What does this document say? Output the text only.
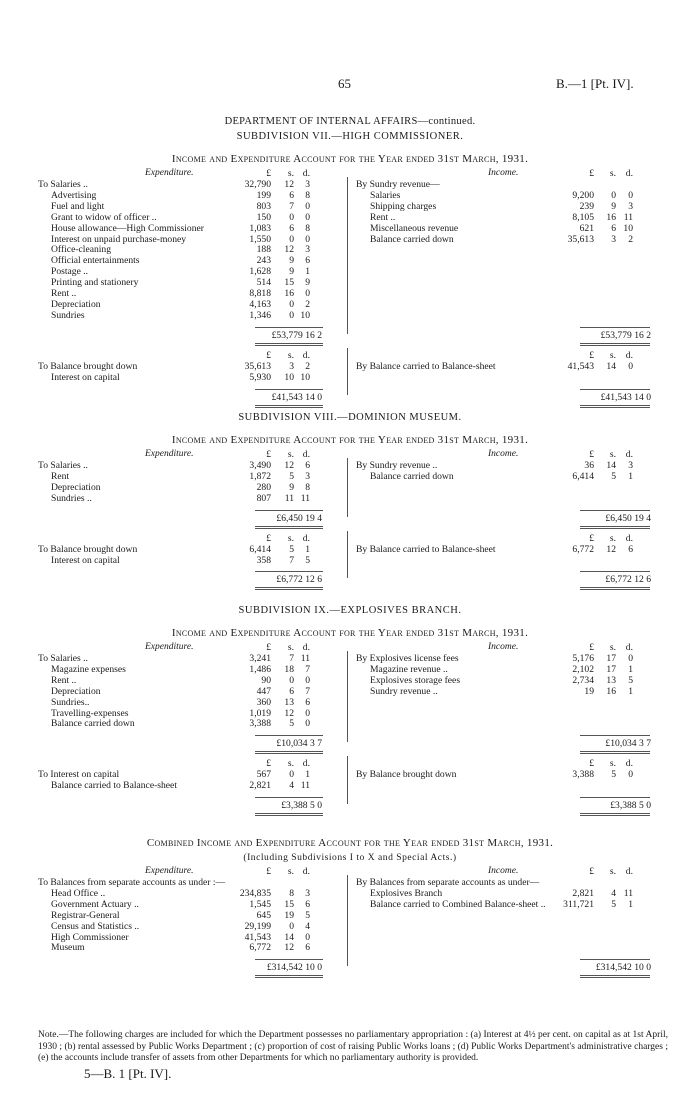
65	B.—1 [Pt. IV].
DEPARTMENT OF INTERNAL AFFAIRS—continued.
SUBDIVISION VII.—HIGH COMMISSIONER.
Income and Expenditure Account for the Year ended 31st March, 1931.
Expenditure.	Income.
£	s. d.	£	s.	d.
To Salaries ..	32,790	12	3
Advertising	199	6	8
Fuel and light	803	7	0
Grant to widow of officer ..	150	0	0
House allowance—High Commissioner	1,083	6	8
Interest on unpaid purchase-money	1,550	0	0
Office-cleaning	188	12	3
Official entertainments	243	9	6
Postage ..	1,628	9	1
Printing and stationery	514	15	9
Rent ..	8,818	16	0
Depreciation	4,163	0	2
Sundries	1,346	0 10
By Sundry revenue—
Salaries	9,200	0	0
Shipping charges	239	9	3
Rent ..	8,105	16 11
Miscellaneous revenue	621	6 10
Balance carried down	35,613	3	2
£53,779 16 2	£53,779 16 2
£	s. d.	£	s.	d.
To Balance brought down	35,613	3	2
Interest on capital	5,930	10 10
By Balance carried to Balance-sheet	41,543	14	0
£41,543 14 0	£41,543 14 0
SUBDIVISION VIII.—DOMINION MUSEUM.
Income and Expenditure Account for the Year ended 31st March, 1931.
Expenditure.	Income.
£	s. d.	£	s.	d.
To Salaries ..	3,490	12	6
Rent	1,872	5	3
Depreciation	280	9	8
Sundries ..	807	11 11
By Sundry revenue ..	36	14	3
Balance carried down	6,414	5	1
£6,450 19 4	£6,450 19 4
£	s. d.	£	s.	d.
To Balance brought down	6,414	5	1
Interest on capital	358	7	5
By Balance carried to Balance-sheet	6,772	12	6
£6,772 12 6	£6,772 12 6
SUBDIVISION IX.—EXPLOSIVES BRANCH.
Income and Expenditure Account for the Year ended 31st March, 1931.
Expenditure.	Income.
£	s. d.	£	s.	d.
To Salaries ..	3,241	7 11
Magazine expenses	1,486	18	7
Rent ..	90	0	0
Depreciation	447	6	7
Sundries..	360	13	6
Travelling-expenses	1,019	12	0
Balance carried down	3,388	5	0
By Explosives license fees	5,176	17	0
Magazine revenue ..	2,102	17	1
Explosives storage fees	2,734	13	5
Sundry revenue ..	19	16	1
£10,034 3 7	£10,034 3 7
£	s. d.	£	s.	d.
To Interest on capital	567	0	1
Balance carried to Balance-sheet	2,821	4 11
By Balance brought down	3,388	5	0
£3,388 5 0	£3,388 5 0
Combined Income and Expenditure Account for the Year ended 31st March, 1931.
(Including Subdivisions I to X and Special Acts.)
Expenditure.	Income.
£	s. d.	£	s.	d.
To Balances from separate accounts as under :—
Head Office ..	234,835	8	3
Government Actuary ..	1,545	15	6
Registrar-General	645	19	5
Census and Statistics ..	29,199	0	4
High Commissioner	41,543	14	0
Museum	6,772	12	6
By Balances from separate accounts as under—
Explosives Branch	2,821	4 11
Balance carried to Combined Balance-sheet ..	311,721	5	1
£314,542 10 0	£314,542 10 0
Note.—The following charges are included for which the Department possesses no parliamentary appropriation : (a) Interest at 4½ per cent. on capital as at 1st April, 1930 ; (b) rental assessed by Public Works Department ; (c) proportion of cost of raising Public Works loans ; (d) Public Works Department's administrative charges ; (e) the accounts include transfer of assets from other Departments for which no parliamentary authority is provided.
5—B. 1 [Pt. IV].
